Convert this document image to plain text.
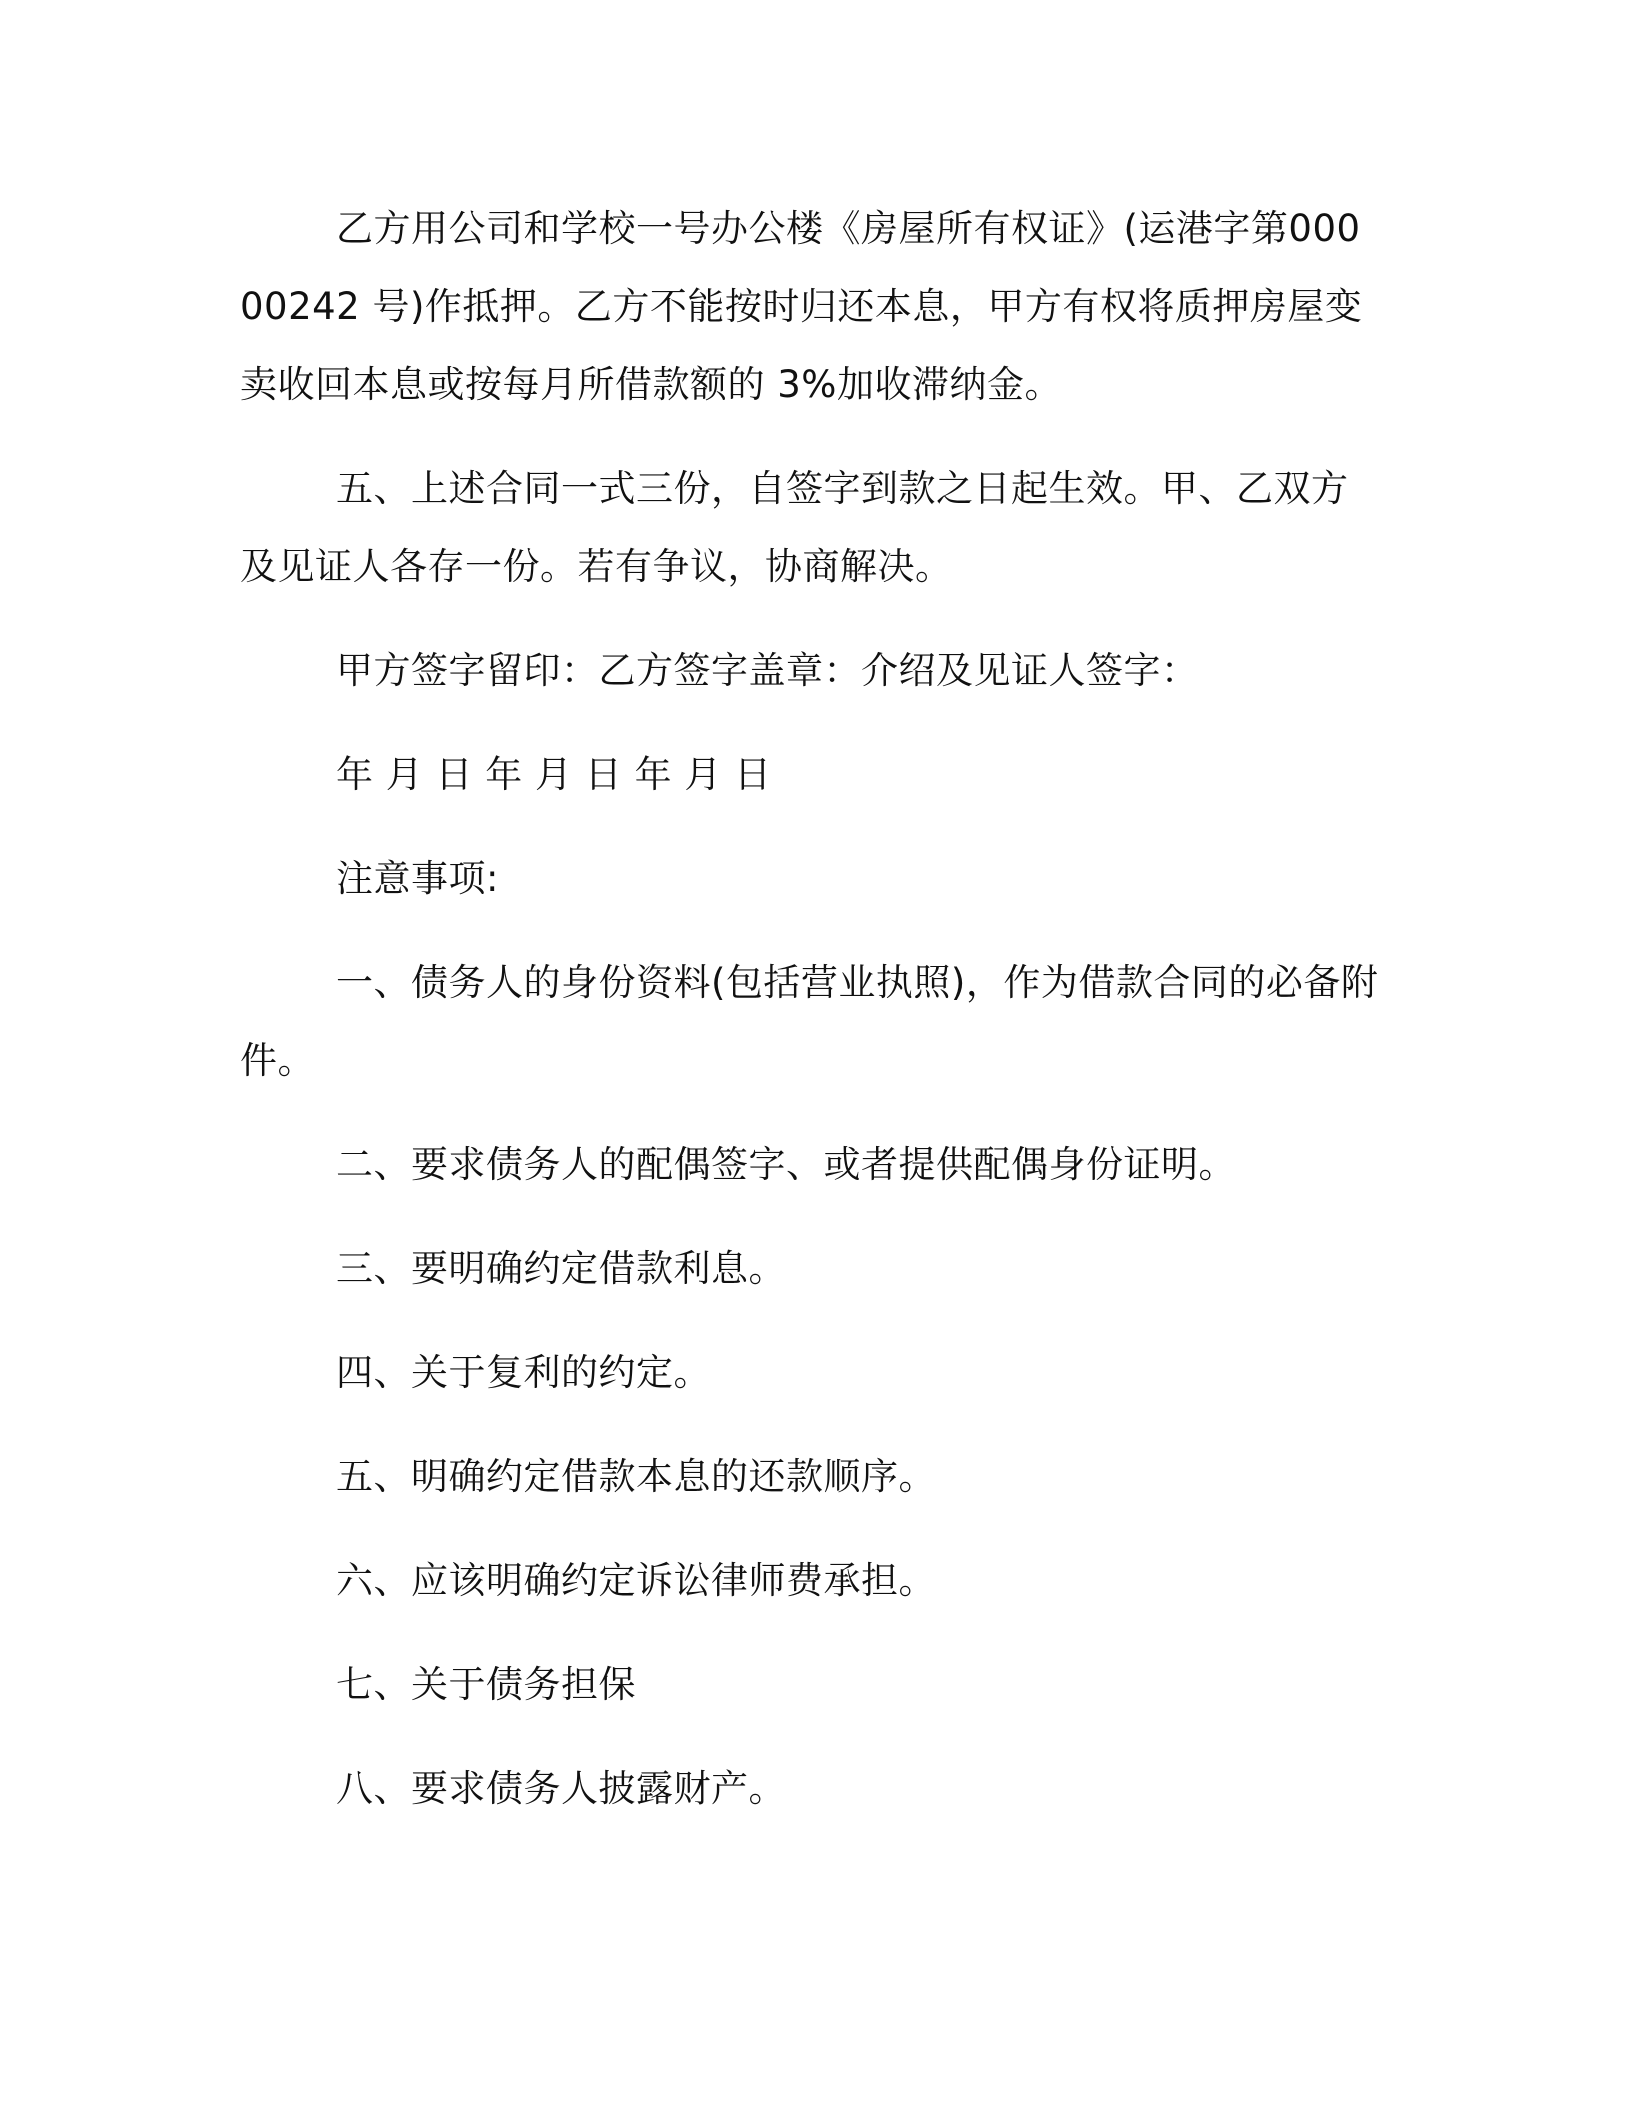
乙方用公司和学校一号办公楼《房屋所有权证》(运港字第00000242 号)作抵押。乙方不能按时归还本息，甲方有权将质押房屋变卖收回本息或按每月所借款额的 3%加收滞纳金。

五、上述合同一式三份，自签字到款之日起生效。甲、乙双方及见证人各存一份。若有争议，协商解决。

甲方签字留印：乙方签字盖章：介绍及见证人签字：

年 月 日 年 月 日 年 月 日

注意事项:

一、债务人的身份资料(包括营业执照)，作为借款合同的必备附件。

二、要求债务人的配偶签字、或者提供配偶身份证明。

三、要明确约定借款利息。

四、关于复利的约定。

五、明确约定借款本息的还款顺序。

六、应该明确约定诉讼律师费承担。

七、关于债务担保

八、要求债务人披露财产。
